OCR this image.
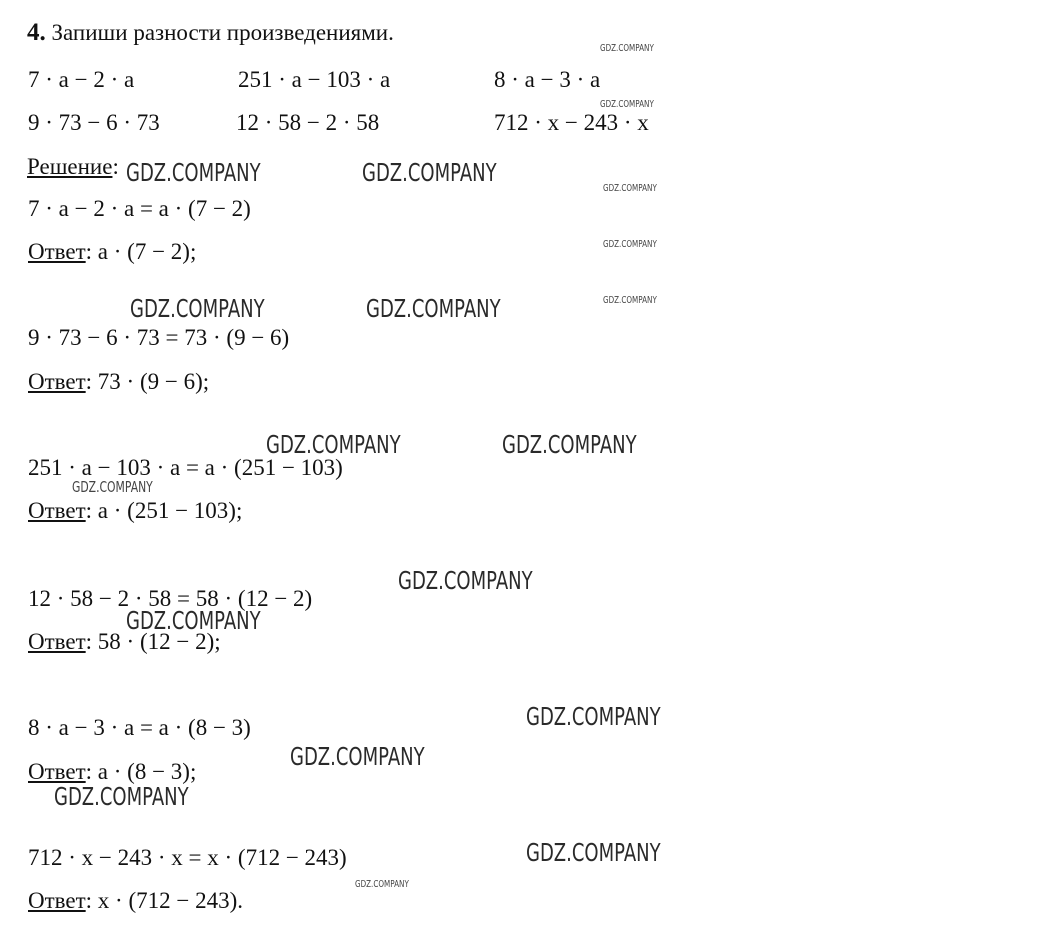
4. Запиши разности произведениями.
7 · a − 2 · a	251 · a − 103 · a	8 · a − 3 · a
9 · 73 − 6 · 73	12 · 58 − 2 · 58	712 · x − 243 · x
Решение:
7 · a − 2 · a = a · (7 − 2)
Ответ: a · (7 − 2);
9 · 73 − 6 · 73 = 73 · (9 − 6)
Ответ: 73 · (9 − 6);
251 · a − 103 · a = a · (251 − 103)
Ответ: a · (251 − 103);
12 · 58 − 2 · 58 = 58 · (12 − 2)
Ответ: 58 · (12 − 2);
8 · a − 3 · a = a · (8 − 3)
Ответ: a · (8 − 3);
712 · x − 243 · x = x · (712 − 243)
Ответ: x · (712 − 243).
GDZ.COMPANY
GDZ.COMPANY
GDZ.COMPANY	GDZ.COMPANY
GDZ.COMPANY
GDZ.COMPANY
GDZ.COMPANY	GDZ.COMPANY	GDZ.COMPANY
GDZ.COMPANY	GDZ.COMPANY
GDZ.COMPANY
GDZ.COMPANY
GDZ.COMPANY
GDZ.COMPANY
GDZ.COMPANY
GDZ.COMPANY
GDZ.COMPANY
GDZ.COMPANY
